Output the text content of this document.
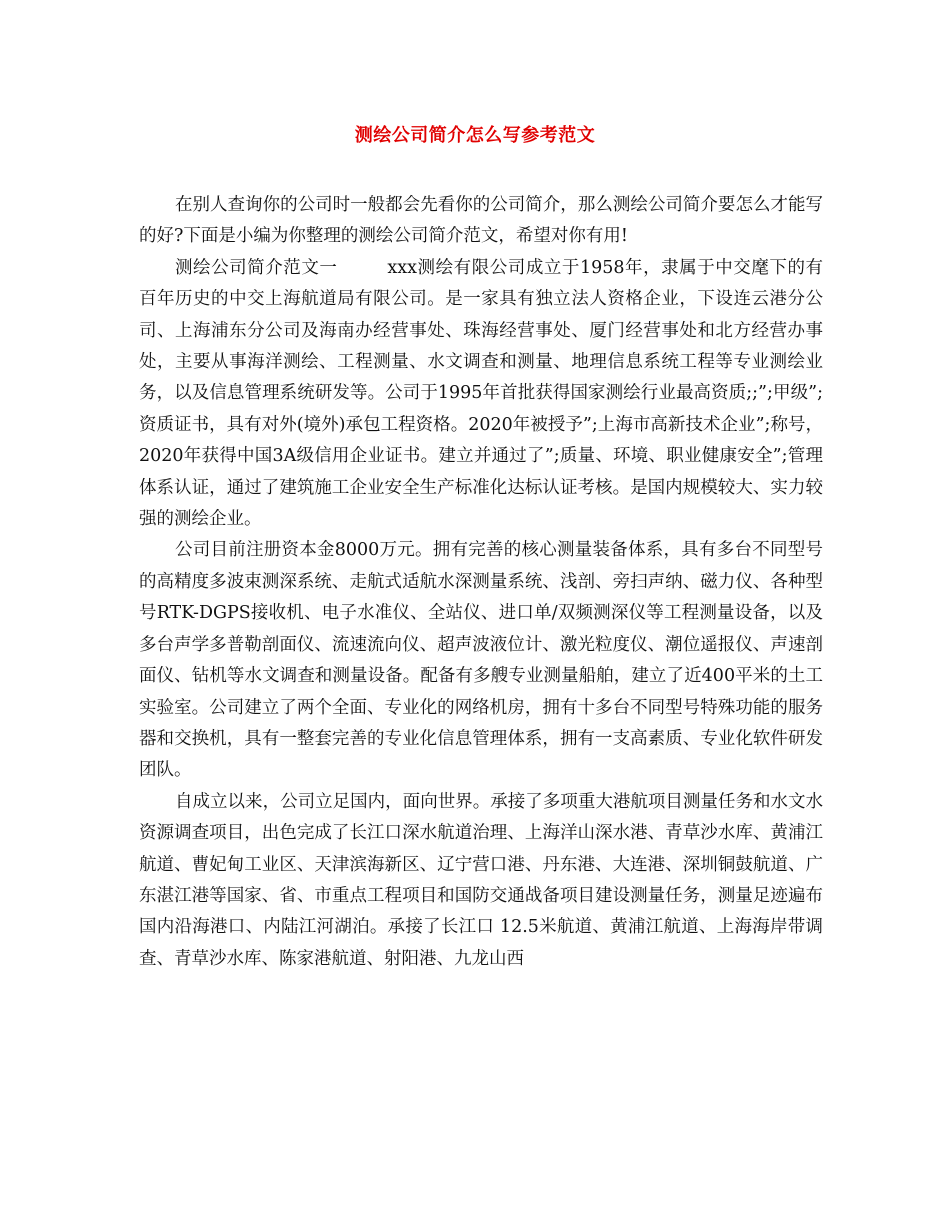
测绘公司简介怎么写参考范文

在别人查询你的公司时一般都会先看你的公司简介，那么测绘公司简介要怎么才能写的好?下面是小编为你整理的测绘公司简介范文，希望对你有用!

测绘公司简介范文一	xxx测绘有限公司成立于1958年，隶属于中交麾下的有百年历史的中交上海航道局有限公司。是一家具有独立法人资格企业，下设连云港分公司、上海浦东分公司及海南办经营事处、珠海经营事处、厦门经营事处和北方经营办事处，主要从事海洋测绘、工程测量、水文调查和测量、地理信息系统工程等专业测绘业务，以及信息管理系统研发等。公司于1995年首批获得国家测绘行业最高资质;;”;甲级”;资质证书，具有对外(境外)承包工程资格。2020年被授予”;上海市高新技术企业”;称号，2020年获得中国3A级信用企业证书。建立并通过了”;质量、环境、职业健康安全”;管理体系认证，通过了建筑施工企业安全生产标准化达标认证考核。是国内规模较大、实力较强的测绘企业。

公司目前注册资本金8000万元。拥有完善的核心测量装备体系，具有多台不同型号的高精度多波束测深系统、走航式适航水深测量系统、浅剖、旁扫声纳、磁力仪、各种型号RTK-DGPS接收机、电子水准仪、全站仪、进口单/双频测深仪等工程测量设备，以及多台声学多普勒剖面仪、流速流向仪、超声波液位计、激光粒度仪、潮位遥报仪、声速剖面仪、钻机等水文调查和测量设备。配备有多艘专业测量船舶，建立了近400平米的土工实验室。公司建立了两个全面、专业化的网络机房，拥有十多台不同型号特殊功能的服务器和交换机，具有一整套完善的专业化信息管理体系，拥有一支高素质、专业化软件研发团队。

自成立以来，公司立足国内，面向世界。承接了多项重大港航项目测量任务和水文水资源调查项目，出色完成了长江口深水航道治理、上海洋山深水港、青草沙水库、黄浦江航道、曹妃甸工业区、天津滨海新区、辽宁营口港、丹东港、大连港、深圳铜鼓航道、广东湛江港等国家、省、市重点工程项目和国防交通战备项目建设测量任务，测量足迹遍布国内沿海港口、内陆江河湖泊。承接了长江口 12.5米航道、黄浦江航道、上海海岸带调查、青草沙水库、陈家港航道、射阳港、九龙山西
